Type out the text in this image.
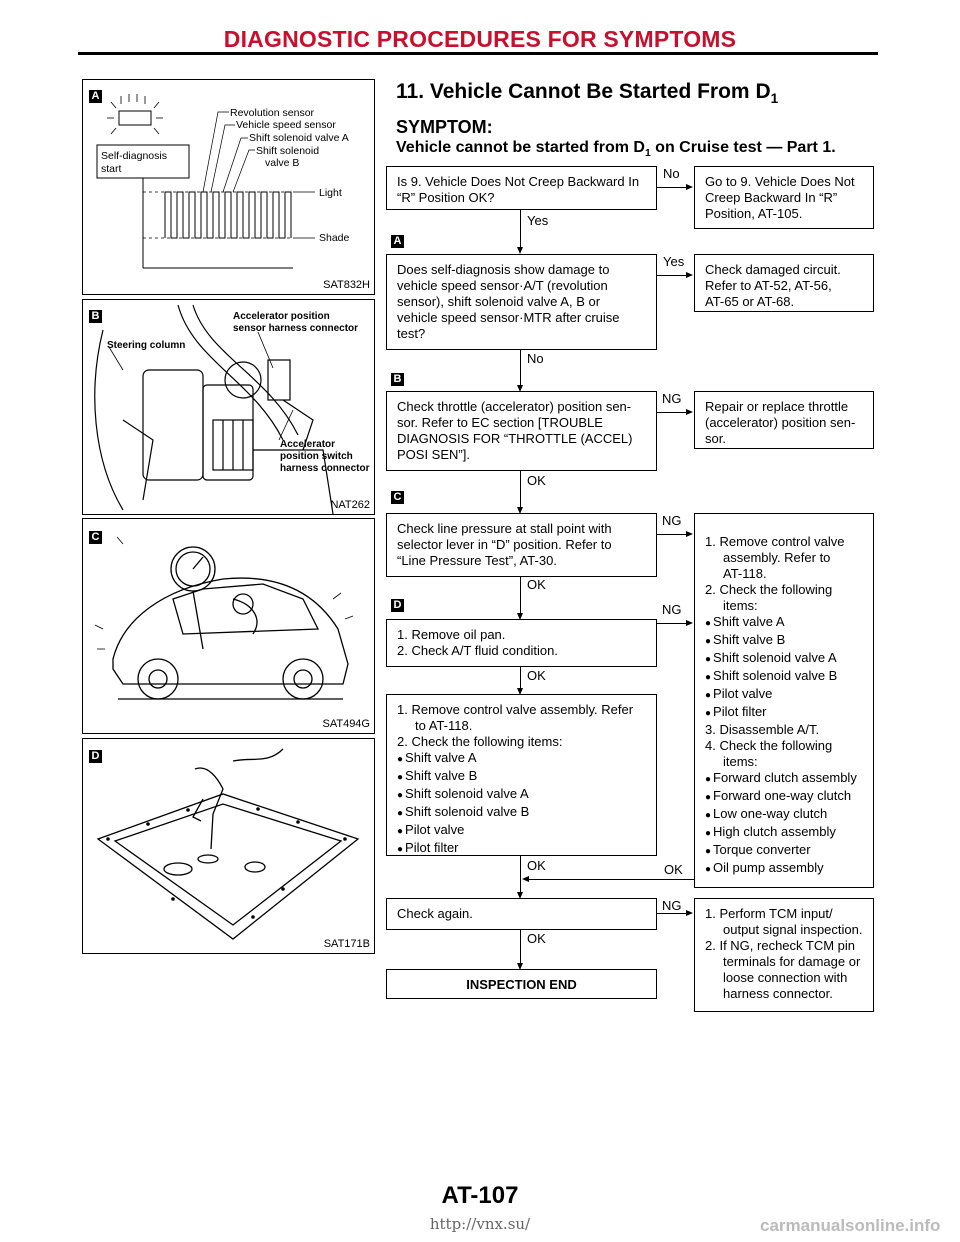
DIAGNOSTIC PROCEDURES FOR SYMPTOMS
A
Revolution sensor
Vehicle speed sensor
Shift solenoid valve A
Shift solenoid
valve B
Self-diagnosis
start
Light
Shade
SAT832H
B	Accelerator position
sensor harness connector
Steering column
Accelerator
position switch
harness connector
NAT262
C
SAT494G
D
SAT171B
11. Vehicle Cannot Be Started From $D_1$
SYMPTOM:
Vehicle cannot be started from $D_1$ on Cruise test — Part 1.
A
B
C
D
Is 9. Vehicle Does Not Creep Backward In
“R” Position OK?
No
Go to 9. Vehicle Does Not
Creep Backward In “R”
Position, AT-105.
Yes
Does self-diagnosis show damage to
vehicle speed sensor·A/T (revolution
sensor), shift solenoid valve A, B or
vehicle speed sensor·MTR after cruise
test?
Yes
Check damaged circuit.
Refer to AT-52, AT-56,
AT-65 or AT-68.
No
Check throttle (accelerator) position sen-
sor. Refer to EC section [TROUBLE
DIAGNOSIS FOR “THROTTLE (ACCEL)
POSI SEN”].
NG
Repair or replace throttle
(accelerator) position sen-
sor.
OK
Check line pressure at stall point with
selector lever in “D” position. Refer to
“Line Pressure Test”, AT-30.
NG
OK
1. Remove oil pan.
2. Check A/T fluid condition.
NG
OK
1. Remove control valve assembly. Refer
to AT-118.
2. Check the following items:
● Shift valve A
● Shift valve B
● Shift solenoid valve A
● Shift solenoid valve B
● Pilot valve
● Pilot filter
OK
1. Remove control valve
assembly. Refer to
AT-118.
2. Check the following
items:
● Shift valve A
● Shift valve B
● Shift solenoid valve A
● Shift solenoid valve B
● Pilot valve
● Pilot filter
3. Disassemble A/T.
4. Check the following
items:
● Forward clutch assembly
● Forward one-way clutch
● Low one-way clutch
● High clutch assembly
● Torque converter
● Oil pump assembly
OK
Check again.
NG
1. Perform TCM input/
output signal inspection.
2. If NG, recheck TCM pin
terminals for damage or
loose connection with
harness connector.
OK
INSPECTION END
AT-107
http://vnx.su/	carmanualsonline.info
